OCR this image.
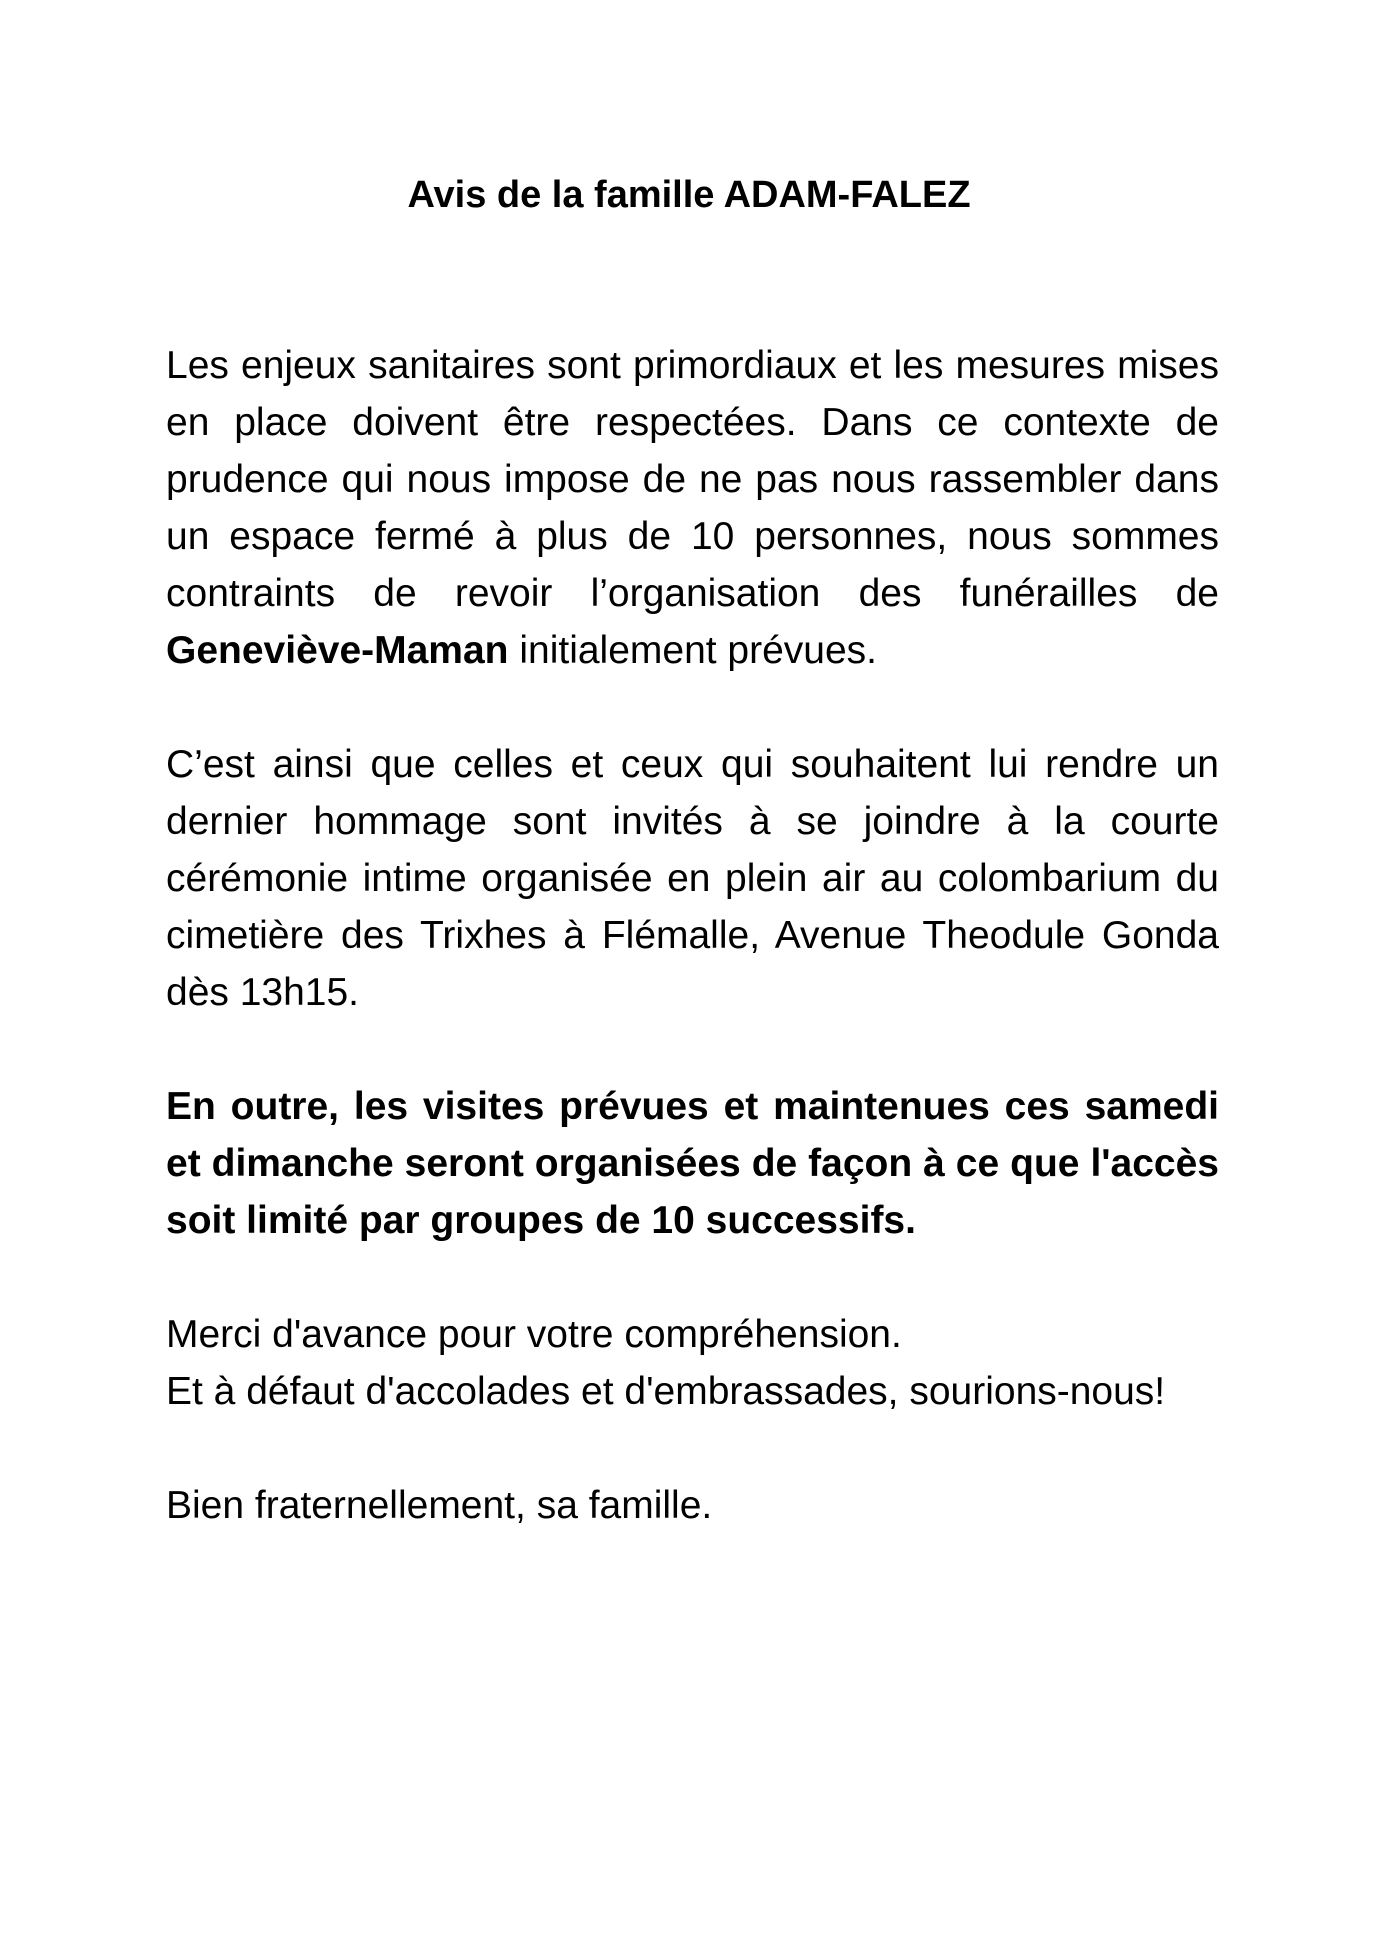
Avis de la famille ADAM-FALEZ

Les enjeux sanitaires sont primordiaux et les mesures mises en place doivent être respectées. Dans ce contexte de prudence qui nous impose de ne pas nous rassembler dans un espace fermé à plus de 10 personnes, nous sommes contraints de revoir l’organisation des funérailles de Geneviève-Maman initialement prévues.

C’est ainsi que celles et ceux qui souhaitent lui rendre un dernier hommage sont invités à se joindre à la courte cérémonie intime organisée en plein air au colombarium du cimetière des Trixhes à Flémalle, Avenue Theodule Gonda dès 13h15.

En outre, les visites prévues et maintenues ces samedi et dimanche seront organisées de façon à ce que l'accès soit limité par groupes de 10 successifs.

Merci d'avance pour votre compréhension.
Et à défaut d'accolades et d'embrassades, sourions-nous!

Bien fraternellement, sa famille.
